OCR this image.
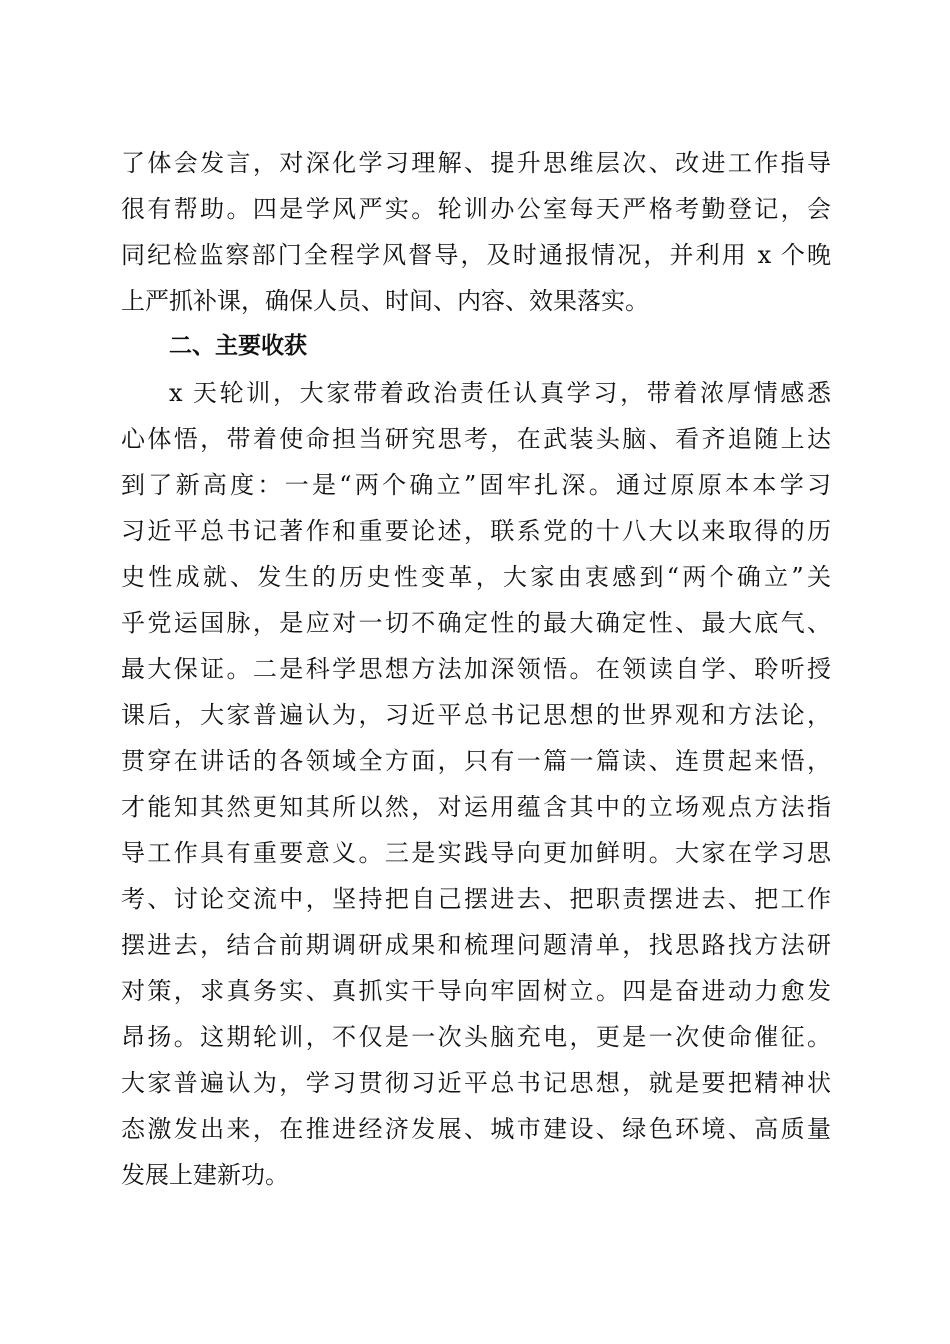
了体会发言，对深化学习理解、提升思维层次、改进工作指导
很有帮助。四是学风严实。轮训办公室每天严格考勤登记，会
同纪检监察部门全程学风督导，及时通报情况，并利用 x 个晚
上严抓补课，确保人员、时间、内容、效果落实。
二、主要收获
x 天轮训，大家带着政治责任认真学习，带着浓厚情感悉
心体悟，带着使命担当研究思考，在武装头脑、看齐追随上达
到了新高度：一是“两个确立”固牢扎深。通过原原本本学习
习近平总书记著作和重要论述，联系党的十八大以来取得的历
史性成就、发生的历史性变革，大家由衷感到“两个确立”关
乎党运国脉，是应对一切不确定性的最大确定性、最大底气、
最大保证。二是科学思想方法加深领悟。在领读自学、聆听授
课后，大家普遍认为，习近平总书记思想的世界观和方法论，
贯穿在讲话的各领域全方面，只有一篇一篇读、连贯起来悟，
才能知其然更知其所以然，对运用蕴含其中的立场观点方法指
导工作具有重要意义。三是实践导向更加鲜明。大家在学习思
考、讨论交流中，坚持把自己摆进去、把职责摆进去、把工作
摆进去，结合前期调研成果和梳理问题清单，找思路找方法研
对策，求真务实、真抓实干导向牢固树立。四是奋进动力愈发
昂扬。这期轮训，不仅是一次头脑充电，更是一次使命催征。
大家普遍认为，学习贯彻习近平总书记思想，就是要把精神状
态激发出来，在推进经济发展、城市建设、绿色环境、高质量
发展上建新功。
